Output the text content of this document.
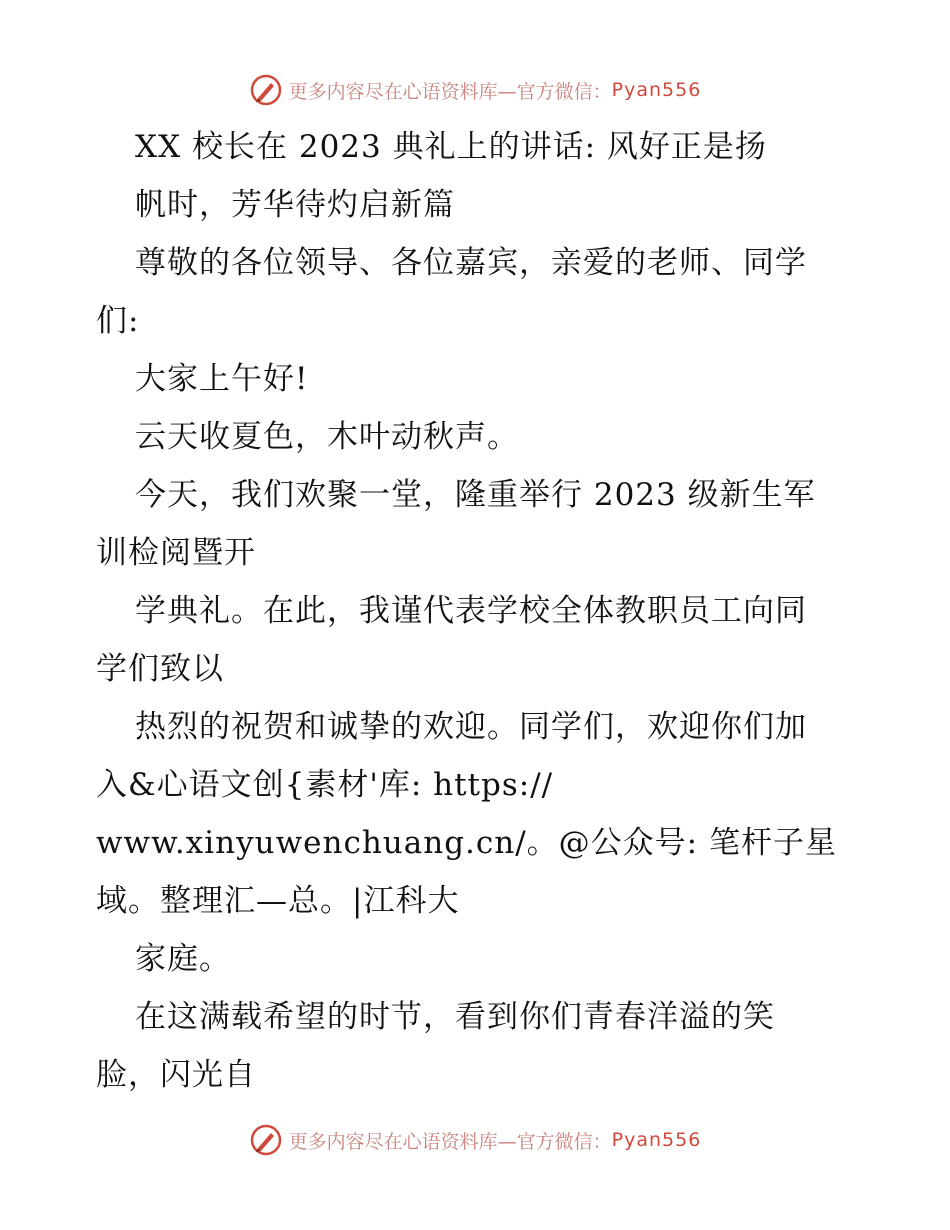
更多内容尽在心语资料库—官方微信： Pyan556
XX 校长在 2023 典礼上的讲话: 风好正是扬
帆时，芳华待灼启新篇
尊敬的各位领导、各位嘉宾，亲爱的老师、同学
们:
大家上午好!
云天收夏色，木叶动秋声。
今天，我们欢聚一堂，隆重举行 2023 级新生军
训检阅暨开
学典礼。在此，我谨代表学校全体教职员工向同
学们致以
热烈的祝贺和诚挚的欢迎。同学们，欢迎你们加
入&心语文创{素材'库: https://
www.xinyuwenchuang.cn/。@公众号: 笔杆子星
域。整理汇—总。|江科大
家庭。
在这满载希望的时节，看到你们青春洋溢的笑
脸，闪光自
更多内容尽在心语资料库—官方微信： Pyan556
